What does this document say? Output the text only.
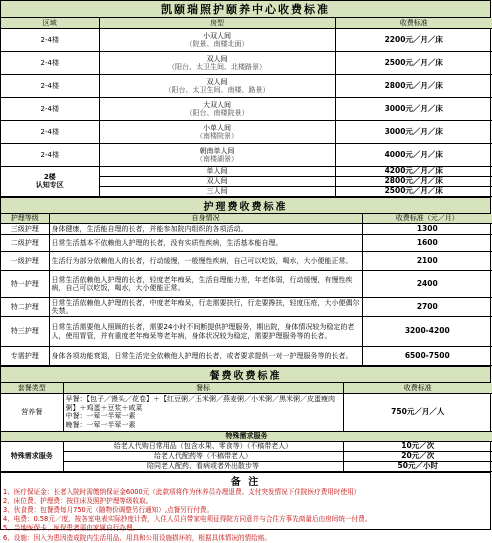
凯颐瑞照护颐养中心收费标准
区域	房型	收费标准
2-4楼	小双人间
（院景、南楼北面）	2200元／月／床
2-4楼	双人间
（阳台、太卫生间、北楼路景）	2500元／月／床
2-4楼	双人间
（阳台、太卫生间、南楼、路景）	2800元／月／床
2-4楼	大双人间
（阳台、南楼院景）	3000元／月／床
2-4楼	小单人间
（南楼院景）	3000元／月／床
2-4楼	朝南单人间
（南楼湖景）	4000元／月／床
2楼
认知专区	单人间	4200元／月／床
	双人间	2800元／月／床
	三人间	2500元／月／床
护理费收费标准
护理等级	自身情况	收费标准（元／月）
三级护理	身体健康，生活能自理的长者，并能参加院内组织的各项活动。	1300
二级护理	日常生活基本不依赖他人护理的长者，没有实质性疾病，生活基本能自理。	1600
一级护理	生活行为部分依赖他人的长者，行动缓慢，一般慢性疾病，自己可以吃饭，喝水，大小便能正常。	2100
特一护理	日常生活依赖他人护理的长者，轻度老年痴呆，生活自理能力差，年老体弱，行动缓慢，有慢性疾病，自己可以吃饭，喝水，大小便能正常。	2400
特二护理	日常生活依赖他人护理的长者，中度老年痴呆，行走需要扶行，行走要搀扶，轻度压疮，大小便偶尔失禁。	2700
特三护理	日常生活需要他人照顾的长者，需要24小时不间断提供护理服务，期出院，身体情况较为稳定的老人，使用胃管，并有重度老年痴呆等老年病，身体状况较为稳定，需要护理服务等的长者。	3200-4200
专需护理	身体各项功能衰退，日常生活完全依赖他人护理的长者，或者要求提供一对一护理服务等的长者。	6500-7500
餐费收费标准
套餐类型	餐标	收费标准
营养餐	早餐：【包子／馒头／花卷】＋【红豆粥／玉米粥／燕麦粥／小米粥／黑米粥／皮蛋瘦肉粥】＋鸡蛋＋豆浆＋咸菜
中餐：一荤一半荤一素
晚餐：一荤一半荤一素	750元／月／人
特殊需求服务		
特殊需求服务	给老人代购日常用品（包含水果、零食等）（不稿带老人）	10元／次
	给老人代配药等（不稿带老人）	20元／次
	陪同老人配药、看病或者外出散步等	50元／小时
备 注
1、医疗保证金：长者入院时需缴纳保证金6000元（此款项将作为休养员办理退费、支付突发情况下住院医疗费用时使用）
2、床位费、护理费：按住床及照护护理等级收取。
3、伙食费：包餐费每月750元（随物价调整另行通知）,点餐另行付费。
4、电费：0.58元／度，按各室电表实际抄度计费，入住人员自带家电须征得院方同意并与合住方事先商量后由房间统一付费。
5、当地医保卡、医保患者需由家属自行办理。
6、设施：因入为患因造成院内生活用品、用具和公用设施损坏的，根据具体情况的情给赔。
